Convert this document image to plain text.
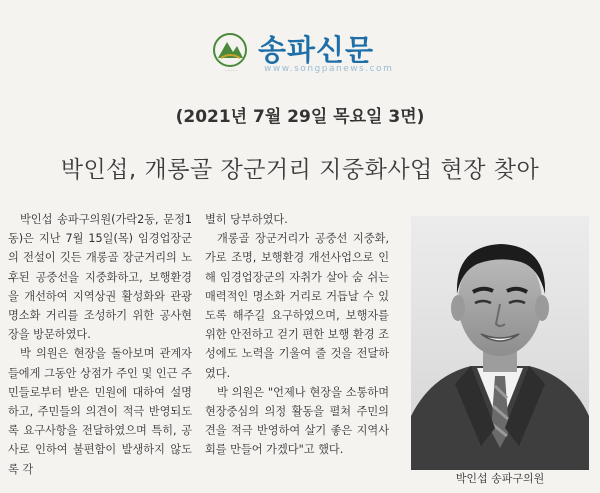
· · · · ·
송파신문
www.songpanews.com
(2021년 7월 29일 목요일 3면)
박인섭, 개롱골 장군거리 지중화사업 현장 찾아

박인섭 송파구의원(가락2동, 문정1동)은 지난 7월 15일(목) 임경업장군의 전설이 깃든 개롱골 장군거리의 노후된 공중선을 지중화하고, 보행환경을 개선하여 지역상권 활성화와 관광명소화 거리를 조성하기 위한 공사현장을 방문하였다.

박 의원은 현장을 돌아보며 관계자들에게 그동안 상점가 주인 및 인근 주민들로부터 받은 민원에 대하여 설명하고, 주민들의 의견이 적극 반영되도록 요구사항을 전달하였으며 특히, 공사로 인하여 불편함이 발생하지 않도록 각

별히 당부하였다.

개롱골 장군거리가 공중선 지중화, 가로 조명, 보행환경 개선사업으로 인해 임경업장군의 자취가 살아 숨 쉬는 매력적인 명소화 거리로 거듭날 수 있도록 해주길 요구하였으며, 보행자를 위한 안전하고 걷기 편한 보행 환경 조성에도 노력을 기울여 줄 것을 전달하였다.

박 의원은 "언제나 현장을 소통하며 현장중심의 의정 활동을 펼쳐 주민의견을 적극 반영하여 살기 좋은 지역사회를 만들어 가겠다"고 했다.

박인섭 송파구의원
